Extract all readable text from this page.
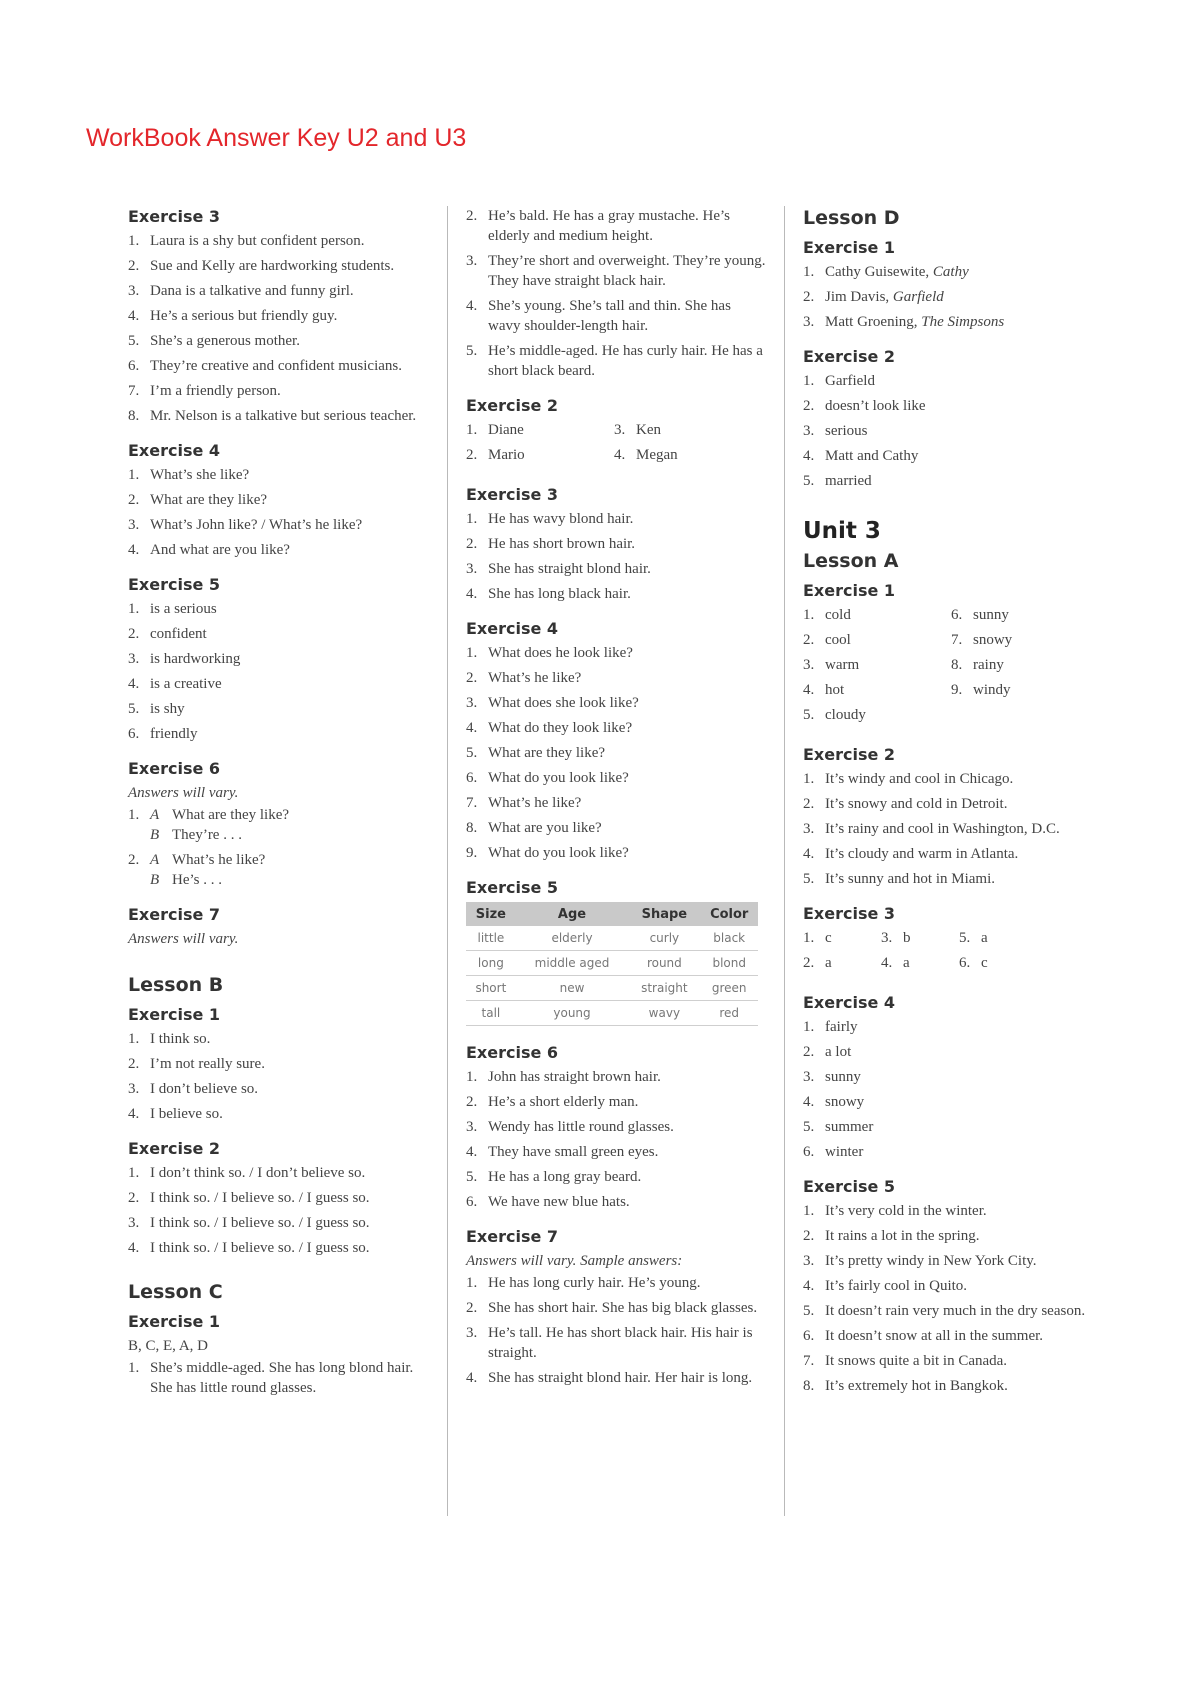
WorkBook Answer Key U2 and U3
Exercise 3
1. Laura is a shy but confident person.
2. Sue and Kelly are hardworking students.
3. Dana is a talkative and funny girl.
4. He’s a serious but friendly guy.
5. She’s a generous mother.
6. They’re creative and confident musicians.
7. I’m a friendly person.
8. Mr. Nelson is a talkative but serious teacher.
Exercise 4
1. What’s she like?
2. What are they like?
3. What’s John like? / What’s he like?
4. And what are you like?
Exercise 5
1. is a serious
2. confident
3. is hardworking
4. is a creative
5. is shy
6. friendly
Exercise 6
Answers will vary.
1. A What are they like?
B They’re . . .
2. A What’s he like?
B He’s . . .
Exercise 7
Answers will vary.
Lesson B
Exercise 1
1. I think so.
2. I’m not really sure.
3. I don’t believe so.
4. I believe so.
Exercise 2
1. I don’t think so. / I don’t believe so.
2. I think so. / I believe so. / I guess so.
3. I think so. / I believe so. / I guess so.
4. I think so. / I believe so. / I guess so.
Lesson C
Exercise 1
B, C, E, A, D
1. She’s middle-aged. She has long blond hair. She has little round glasses.
2. He’s bald. He has a gray mustache. He’s elderly and medium height.
3. They’re short and overweight. They’re young. They have straight black hair.
4. She’s young. She’s tall and thin. She has wavy shoulder-length hair.
5. He’s middle-aged. He has curly hair. He has a short black beard.
Exercise 2
1. Diane	3. Ken
2. Mario	4. Megan
Exercise 3
1. He has wavy blond hair.
2. He has short brown hair.
3. She has straight blond hair.
4. She has long black hair.
Exercise 4
1. What does he look like?
2. What’s he like?
3. What does she look like?
4. What do they look like?
5. What are they like?
6. What do you look like?
7. What’s he like?
8. What are you like?
9. What do you look like?
Exercise 5
Size	Age	Shape	Color
little	elderly	curly	black
long	middle aged	round	blond
short	new	straight	green
tall	young	wavy	red
Exercise 6
1. John has straight brown hair.
2. He’s a short elderly man.
3. Wendy has little round glasses.
4. They have small green eyes.
5. He has a long gray beard.
6. We have new blue hats.
Exercise 7
Answers will vary. Sample answers:
1. He has long curly hair. He’s young.
2. She has short hair. She has big black glasses.
3. He’s tall. He has short black hair. His hair is straight.
4. She has straight blond hair. Her hair is long.
Lesson D
Exercise 1
1. Cathy Guisewite, Cathy
2. Jim Davis, Garfield
3. Matt Groening, The Simpsons
Exercise 2
1. Garfield
2. doesn’t look like
3. serious
4. Matt and Cathy
5. married
Unit 3
Lesson A
Exercise 1
1. cold	6. sunny
2. cool	7. snowy
3. warm	8. rainy
4. hot	9. windy
5. cloudy
Exercise 2
1. It’s windy and cool in Chicago.
2. It’s snowy and cold in Detroit.
3. It’s rainy and cool in Washington, D.C.
4. It’s cloudy and warm in Atlanta.
5. It’s sunny and hot in Miami.
Exercise 3
1. c	3. b	5. a
2. a	4. a	6. c
Exercise 4
1. fairly
2. a lot
3. sunny
4. snowy
5. summer
6. winter
Exercise 5
1. It’s very cold in the winter.
2. It rains a lot in the spring.
3. It’s pretty windy in New York City.
4. It’s fairly cool in Quito.
5. It doesn’t rain very much in the dry season.
6. It doesn’t snow at all in the summer.
7. It snows quite a bit in Canada.
8. It’s extremely hot in Bangkok.
